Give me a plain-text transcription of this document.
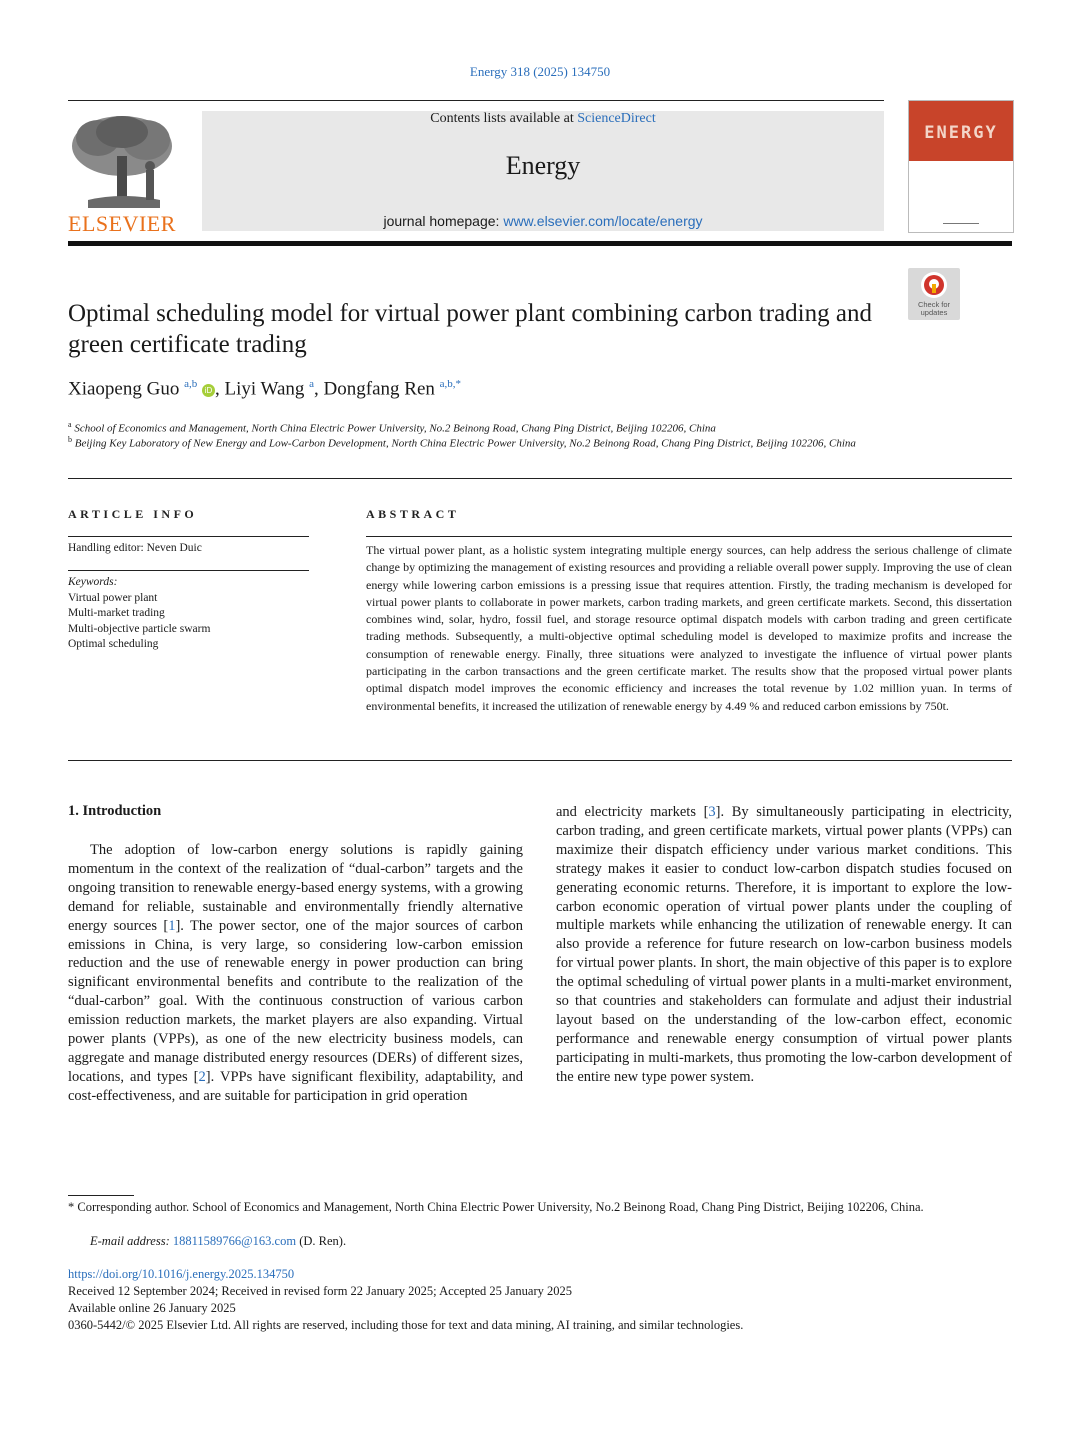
Energy 318 (2025) 134750
ELSEVIER
Contents lists available at ScienceDirect
Energy
journal homepage: www.elsevier.com/locate/energy
ENERGY
Check for updates
Optimal scheduling model for virtual power plant combining carbon trading and green certificate trading
Xiaopeng Guo $^{a,b}$ iD , Liyi Wang $^a$, Dongfang Ren $^{a,b,*}$
$^a$ School of Economics and Management, North China Electric Power University, No.2 Beinong Road, Chang Ping District, Beijing 102206, China
$^b$ Beijing Key Laboratory of New Energy and Low-Carbon Development, North China Electric Power University, No.2 Beinong Road, Chang Ping District, Beijing 102206, China
ARTICLE INFO
Handling editor: Neven Duic
Keywords:
Virtual power plant
Multi-market trading
Multi-objective particle swarm
Optimal scheduling
ABSTRACT
The virtual power plant, as a holistic system integrating multiple energy sources, can help address the serious challenge of climate change by optimizing the management of existing resources and providing a reliable overall power supply. Improving the use of clean energy while lowering carbon emissions is a pressing issue that requires attention. Firstly, the trading mechanism is developed for virtual power plants to collaborate in power markets, carbon trading markets, and green certificate markets. Second, this dissertation combines wind, solar, hydro, fossil fuel, and storage resource optimal dispatch models with carbon trading and green certificate trading methods. Subsequently, a multi-objective optimal scheduling model is developed to maximize profits and increase the consumption of renewable energy. Finally, three situations were analyzed to investigate the influence of virtual power plants participating in the carbon transactions and the green certificate market. The results show that the proposed virtual power plants optimal dispatch model improves the economic efficiency and increases the total revenue by 1.02 million yuan. In terms of environmental benefits, it increased the utilization of renewable energy by 4.49 % and reduced carbon emissions by 750t.
1. Introduction
The adoption of low-carbon energy solutions is rapidly gaining momentum in the context of the realization of “dual-carbon” targets and the ongoing transition to renewable energy-based energy systems, with a growing demand for reliable, sustainable and environmentally friendly alternative energy sources [1]. The power sector, one of the major sources of carbon emissions in China, is very large, so considering low-carbon emission reduction and the use of renewable energy in power production can bring significant environmental benefits and contribute to the realization of the “dual-carbon” goal. With the continuous construction of various carbon emission reduction markets, the market players are also expanding. Virtual power plants (VPPs), as one of the new electricity business models, can aggregate and manage distributed energy resources (DERs) of different sizes, locations, and types [2]. VPPs have significant flexibility, adaptability, and cost-effectiveness, and are suitable for participation in grid operation
and electricity markets [3]. By simultaneously participating in electricity, carbon trading, and green certificate markets, virtual power plants (VPPs) can maximize their dispatch efficiency under various market conditions. This strategy makes it easier to conduct low-carbon dispatch studies focused on generating economic returns. Therefore, it is important to explore the low-carbon economic operation of virtual power plants under the coupling of multiple markets while enhancing the utilization of renewable energy. It can also provide a reference for future research on low-carbon business models for virtual power plants. In short, the main objective of this paper is to explore the optimal scheduling of virtual power plants in a multi-market environment, so that countries and stakeholders can formulate and adjust their industrial layout based on the understanding of the low-carbon effect, economic performance and renewable energy consumption of virtual power plants participating in multi-markets, thus promoting the low-carbon development of the entire new type power system.
* Corresponding author. School of Economics and Management, North China Electric Power University, No.2 Beinong Road, Chang Ping District, Beijing 102206, China.
E-mail address: 18811589766@163.com (D. Ren).
https://doi.org/10.1016/j.energy.2025.134750
Received 12 September 2024; Received in revised form 22 January 2025; Accepted 25 January 2025
Available online 26 January 2025
0360-5442/© 2025 Elsevier Ltd. All rights are reserved, including those for text and data mining, AI training, and similar technologies.
